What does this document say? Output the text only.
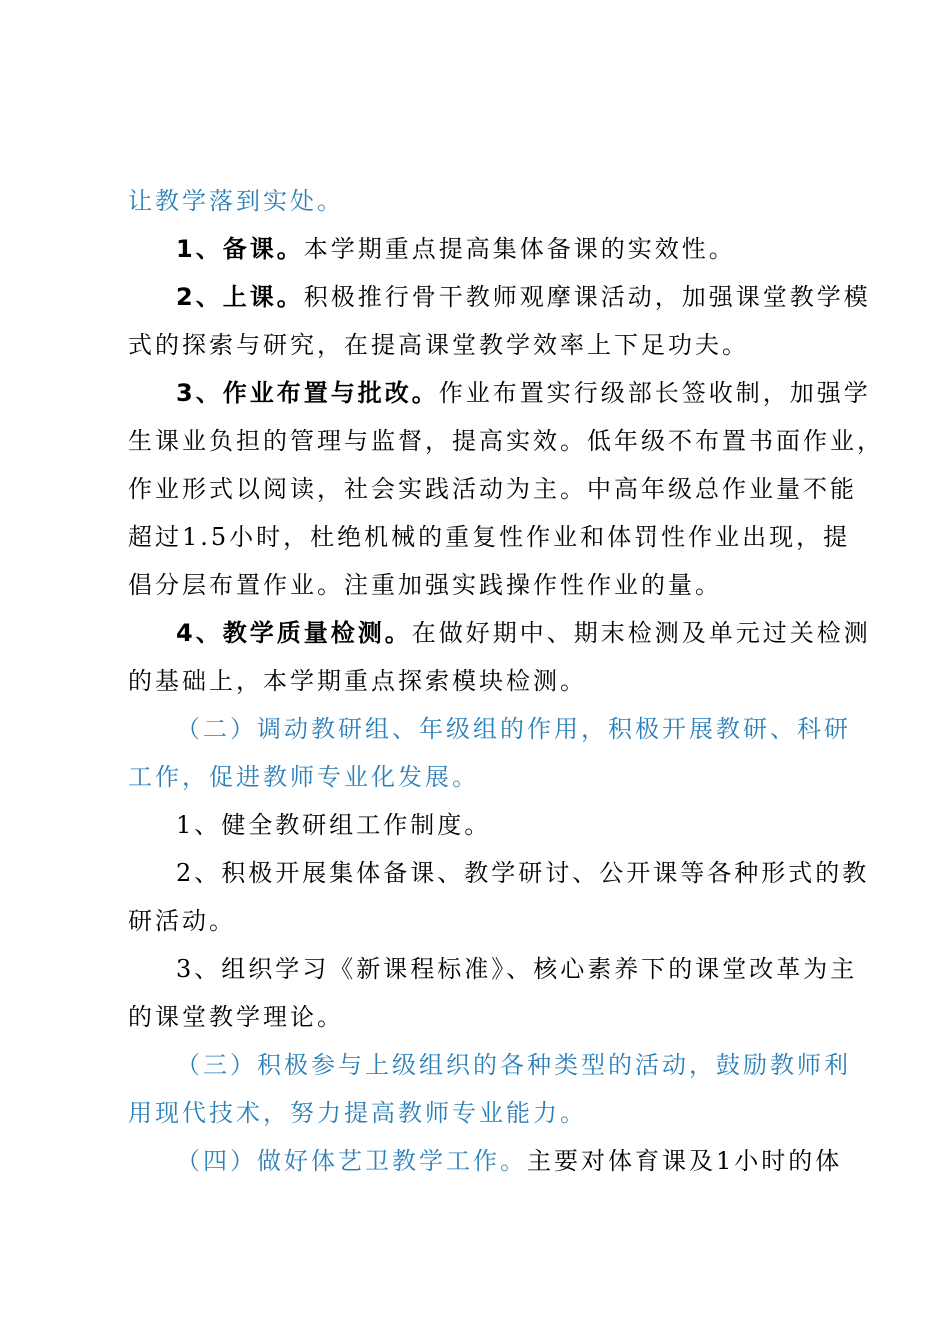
让教学落到实处。
1、备课。本学期重点提高集体备课的实效性。
2、上课。积极推行骨干教师观摩课活动，加强课堂教学模
式的探索与研究，在提高课堂教学效率上下足功夫。
3、作业布置与批改。作业布置实行级部长签收制，加强学
生课业负担的管理与监督，提高实效。低年级不布置书面作业，
作业形式以阅读，社会实践活动为主。中高年级总作业量不能
超过1.5小时，杜绝机械的重复性作业和体罚性作业出现，提
倡分层布置作业。注重加强实践操作性作业的量。
4、教学质量检测。在做好期中、期末检测及单元过关检测
的基础上，本学期重点探索模块检测。
（二）调动教研组、年级组的作用，积极开展教研、科研
工作，促进教师专业化发展。
1、健全教研组工作制度。
2、积极开展集体备课、教学研讨、公开课等各种形式的教
研活动。
3、组织学习《新课程标准》、核心素养下的课堂改革为主
的课堂教学理论。
（三）积极参与上级组织的各种类型的活动，鼓励教师利
用现代技术，努力提高教师专业能力。
（四）做好体艺卫教学工作。主要对体育课及1小时的体
